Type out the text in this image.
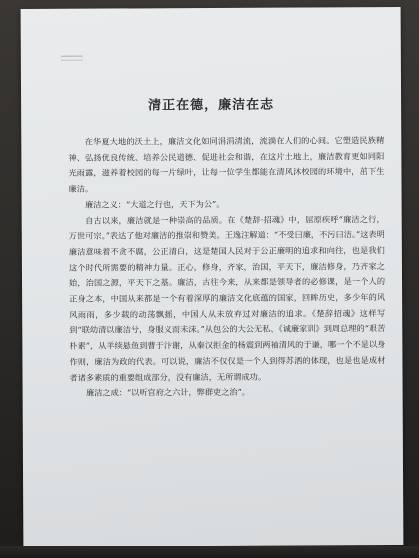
清正在德，廉洁在志

在华夏大地的沃土上，廉洁文化如同涓涓清流，流淌在人们的心间。它塑造民族精神、弘扬优良传统、培养公民道德、促进社会和谐，在这片土地上，廉洁教育更如同阳光雨露，滋养着校园的每一片绿叶，让每一位学生都能在清风沐校园的环境中，茁下生廉洁。

廉洁之义：“大道之行也，天下为公”。

自古以来，廉洁就是一种崇高的品质。在《楚辞·招魂》中，屈原疾呼“廉洁之行，万世可宗。”表达了他对廉洁的推崇和赞美。王逸注解道：“不受曰廉，不污曰洁。”这表明廉洁意味着不贪不腐，公正清白，这是楚国人民对于公正廉明的追求和向往，也是我们这个时代所需要的精神力量。正心，修身，齐家，治国，平天下，廉洁修身，乃齐家之始，治国之源，平天下之基。廉洁，古往今来，从来都是领导者的必修课，是一个人的正身之本，中国从来都是一个有着深厚的廉洁文化底蕴的国家，回眸历史，多少年的风风雨雨，多少载的动荡飘摇，中国人从未放弃过对廉洁的追求。《楚辞招魂》这样写到“联幼清以廉洁兮，身服义而未沫。”从包公的大公无私、《诚廉家训》到周总理的“艰苦朴素”，从羊续悬鱼到曹于汴谢，从秦汉拒金的杨震到两袖清风的于谦，哪一个不是以身作则，廉洁为政的代表。可以说，廉洁不仅仅是一个人到得苏洒的体现，也是也是成材者诸多素质的重要组成部分，没有廉洁，无所谓成功。

廉洁之成：“以听官府之六计，弊群吏之治”。
